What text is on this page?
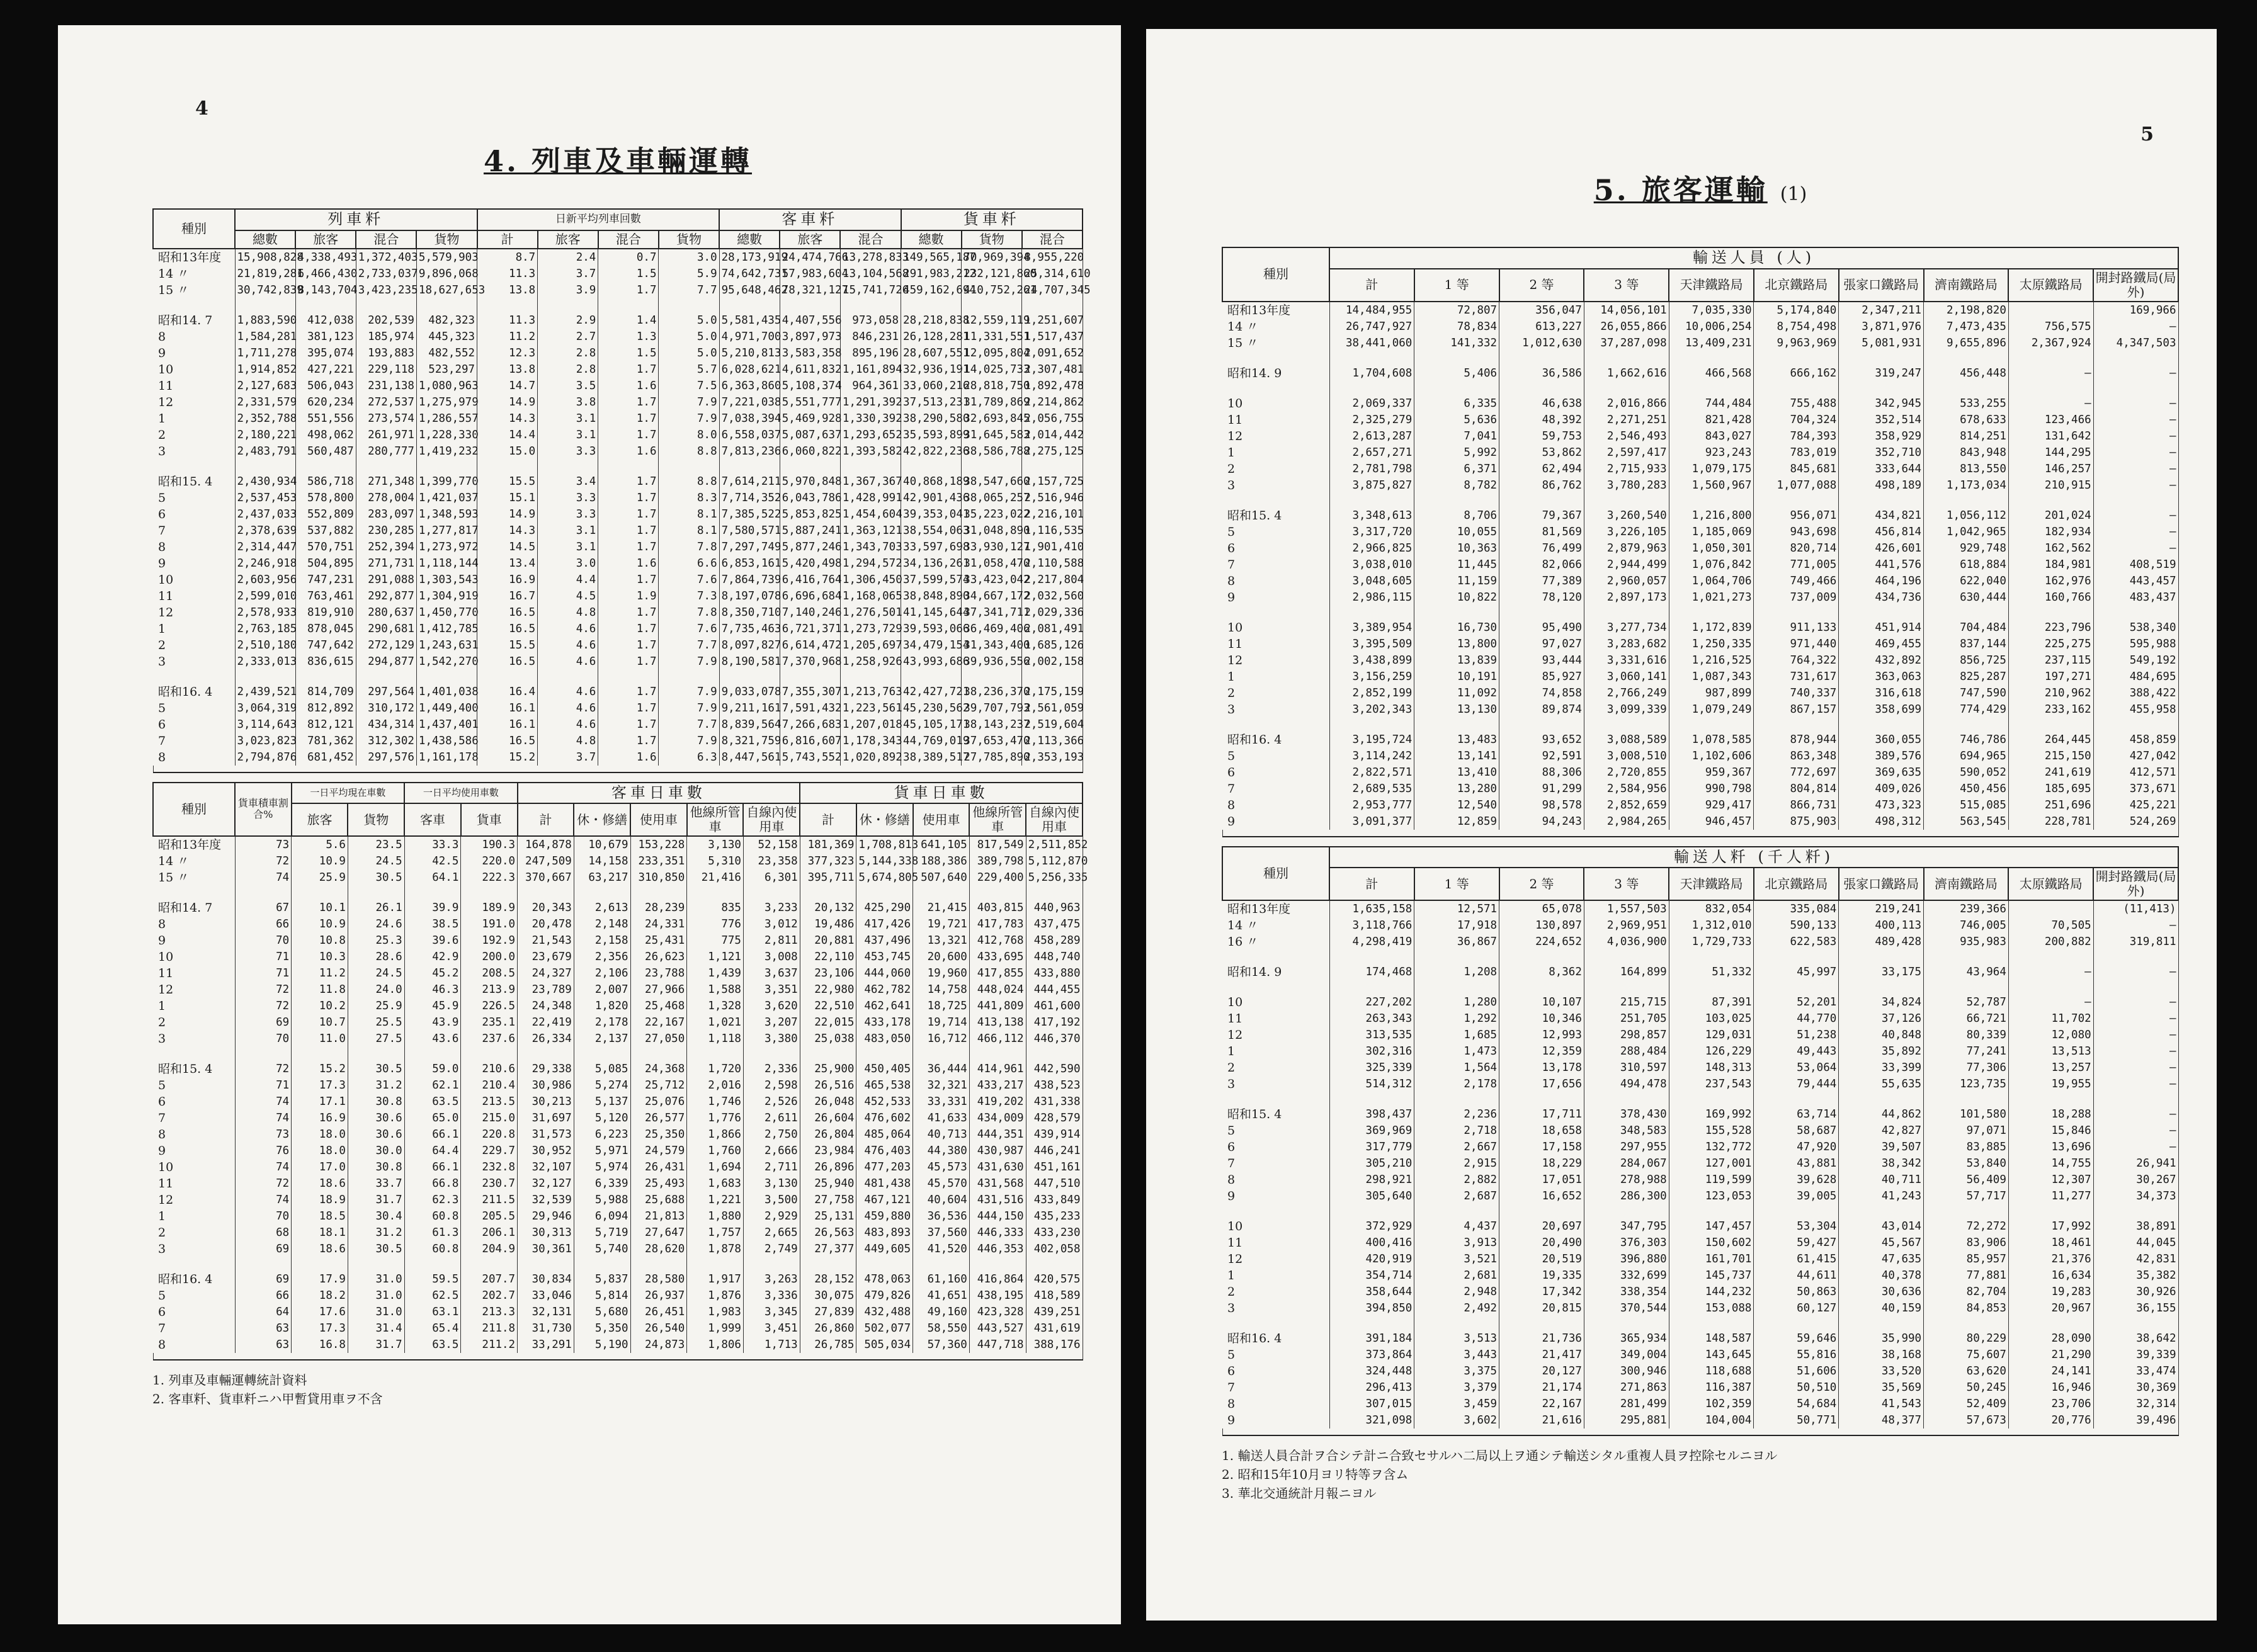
4
4. 列車及車輛運轉
種別	列車粁				日新平均列車回數				客車粁			貨車粁		
	總數	旅客	混合	貨物	計	旅客	混合	貨物	總數	旅客	混合	總數	貨物	混合
昭和13年度	15,908,828	4,338,493	1,372,403	5,579,903	8.7	2.4	0.7	3.0	28,173,919	24,474,766	13,278,833	149,565,187	70,969,394	8,955,220
14 〃	21,819,281	6,466,430	2,733,037	9,896,068	11.3	3.7	1.5	5.9	74,642,731	57,983,604	13,104,568	291,983,212	232,121,860	25,314,610
15 〃	30,742,839	8,143,704	3,423,235	18,627,653	13.8	3.9	1.7	7.7	95,648,462	78,321,127	15,741,726	459,162,694	410,752,261	24,707,345

昭和14. 7	1,883,590	412,038	202,539	482,323	11.3	2.9	1.4	5.0	5,581,435	4,407,556	973,058	28,218,838	12,559,119	1,251,607
8	1,584,281	381,123	185,974	445,323	11.2	2.7	1.3	5.0	4,971,700	3,897,973	846,231	26,128,281	11,331,551	1,517,437
9	1,711,278	395,074	193,883	482,552	12.3	2.8	1.5	5.0	5,210,813	3,583,358	895,196	28,607,551	12,095,804	2,091,652
10	1,914,852	427,221	229,118	523,297	13.8	2.8	1.7	5.7	6,028,621	4,611,832	1,161,894	32,936,191	14,025,733	2,307,481
11	2,127,683	506,043	231,138	1,080,963	14.7	3.5	1.6	7.5	6,363,860	5,108,374	964,361	33,060,216	28,818,750	1,892,478
12	2,331,579	620,234	272,537	1,275,979	14.9	3.8	1.7	7.9	7,221,038	5,551,777	1,291,392	37,513,231	31,789,869	2,214,862
1	2,352,788	551,556	273,574	1,286,557	14.3	3.1	1.7	7.9	7,038,394	5,469,928	1,330,392	38,290,580	32,693,845	2,056,755
2	2,180,221	498,062	261,971	1,228,330	14.4	3.1	1.7	8.0	6,558,037	5,087,637	1,293,652	35,593,899	31,645,583	2,014,442
3	2,483,791	560,487	280,777	1,419,232	15.0	3.3	1.6	8.8	7,813,236	6,060,822	1,393,582	42,822,236	38,586,788	2,275,125

昭和15. 4	2,430,934	586,718	271,348	1,399,770	15.5	3.4	1.7	8.8	7,614,211	5,970,848	1,367,367	40,868,189	38,547,660	2,157,725
5	2,537,453	578,800	278,004	1,421,037	15.1	3.3	1.7	8.3	7,714,352	6,043,786	1,428,991	42,901,436	38,065,257	2,516,946
6	2,437,033	552,809	283,097	1,348,593	14.9	3.3	1.7	8.1	7,385,522	5,853,825	1,454,604	39,353,041	35,223,022	2,216,101
7	2,378,639	537,882	230,285	1,277,817	14.3	3.1	1.7	8.1	7,580,571	5,887,241	1,363,121	38,554,063	31,048,890	1,116,535
8	2,314,447	570,751	252,394	1,273,972	14.5	3.1	1.7	7.8	7,297,749	5,877,246	1,343,703	33,597,698	33,930,127	1,901,410
9	2,246,918	504,895	271,731	1,118,144	13.4	3.0	1.6	6.6	6,853,161	5,420,498	1,294,572	34,136,261	31,058,470	2,110,588
10	2,603,956	747,231	291,088	1,303,543	16.9	4.4	1.7	7.6	7,864,739	6,416,764	1,306,450	37,599,574	33,423,042	2,217,804
11	2,599,010	763,461	292,877	1,304,919	16.7	4.5	1.9	7.3	8,197,078	6,696,684	1,168,065	38,848,890	34,667,172	2,032,560
12	2,578,933	819,910	280,637	1,450,770	16.5	4.8	1.7	7.8	8,350,710	7,140,246	1,276,501	41,145,644	37,341,711	2,029,336
1	2,763,185	878,045	290,681	1,412,785	16.5	4.6	1.7	7.6	7,735,463	6,721,371	1,273,729	39,593,066	36,469,406	2,081,491
2	2,510,180	747,642	272,129	1,243,631	15.5	4.6	1.7	7.7	8,097,827	6,614,472	1,205,697	34,479,154	31,343,400	1,685,126
3	2,333,013	836,615	294,877	1,542,270	16.5	4.6	1.7	7.9	8,190,581	7,370,968	1,258,926	43,993,686	39,936,556	2,002,158

昭和16. 4	2,439,521	814,709	297,564	1,401,038	16.4	4.6	1.7	7.9	9,033,078	7,355,307	1,213,763	42,427,721	38,236,370	2,175,159
5	3,064,319	812,892	310,172	1,449,400	16.1	4.6	1.7	7.9	9,211,161	7,591,432	1,223,561	45,230,562	39,707,793	2,561,059
6	3,114,643	812,121	434,314	1,437,401	16.1	4.6	1.7	7.7	8,839,564	7,266,683	1,207,018	45,105,171	38,143,237	2,519,604
7	3,023,823	781,362	312,302	1,438,586	16.5	4.8	1.7	7.9	8,321,759	6,816,607	1,178,343	44,769,019	37,653,470	2,113,366
8	2,794,876	681,452	297,576	1,161,178	15.2	3.7	1.6	6.3	8,447,561	5,743,552	1,020,892	38,389,517	27,785,890	2,353,193

種別	貨車積車割合%	一日平均現在車數		一日平均使用車數		客車日車數					貨車日車數				
		旅客	貨物	客車	貨車	計	休・修繕	使用車	他線所管車	自線內使用車	計	休・修繕	使用車	他線所管車	自線內使用車
昭和13年度	73	5.6	23.5	33.3	190.3	164,878	10,679	153,228	3,130	52,158	181,369	1,708,813	641,105	817,549	2,511,852
14 〃	72	10.9	24.5	42.5	220.0	247,509	14,158	233,351	5,310	23,358	377,323	5,144,338	188,386	389,798	5,112,870
15 〃	74	25.9	30.5	64.1	222.3	370,667	63,217	310,850	21,416	6,301	395,711	5,674,805	507,640	229,400	5,256,335

昭和14. 7	67	10.1	26.1	39.9	189.9	20,343	2,613	28,239	835	3,233	20,132	425,290	21,415	403,815	440,963
8	66	10.9	24.6	38.5	191.0	20,478	2,148	24,331	776	3,012	19,486	417,426	19,721	417,783	437,475
9	70	10.8	25.3	39.6	192.9	21,543	2,158	25,431	775	2,811	20,881	437,496	13,321	412,768	458,289
10	71	10.3	28.6	42.9	200.0	23,679	2,356	26,623	1,121	3,008	22,110	453,745	20,600	433,695	448,740
11	71	11.2	24.5	45.2	208.5	24,327	2,106	23,788	1,439	3,637	23,106	444,060	19,960	417,855	433,880
12	72	11.8	24.0	46.3	213.9	23,789	2,007	27,966	1,588	3,351	22,980	462,782	14,758	448,024	444,455
1	72	10.2	25.9	45.9	226.5	24,348	1,820	25,468	1,328	3,620	22,510	462,641	18,725	441,809	461,600
2	69	10.7	25.5	43.9	235.1	22,419	2,178	22,167	1,021	3,207	22,015	433,178	19,714	413,138	417,192
3	70	11.0	27.5	43.6	237.6	26,334	2,137	27,050	1,118	3,380	25,038	483,050	16,712	466,112	446,370

昭和15. 4	72	15.2	30.5	59.0	210.6	29,338	5,085	24,368	1,720	2,336	25,900	450,405	36,444	414,961	442,590
5	71	17.3	31.2	62.1	210.4	30,986	5,274	25,712	2,016	2,598	26,516	465,538	32,321	433,217	438,523
6	74	17.1	30.8	63.5	213.5	30,213	5,137	25,076	1,746	2,526	26,048	452,533	33,331	419,202	431,338
7	74	16.9	30.6	65.0	215.0	31,697	5,120	26,577	1,776	2,611	26,604	476,602	41,633	434,009	428,579
8	73	18.0	30.6	66.1	220.8	31,573	6,223	25,350	1,866	2,750	26,804	485,064	40,713	444,351	439,914
9	76	18.0	30.0	64.4	229.7	30,952	5,971	24,579	1,760	2,666	23,984	476,403	44,380	430,987	446,241
10	74	17.0	30.8	66.1	232.8	32,107	5,974	26,431	1,694	2,711	26,896	477,203	45,573	431,630	451,161
11	72	18.6	33.7	66.8	230.7	32,127	6,339	25,493	1,683	3,130	25,940	481,438	45,570	431,568	447,510
12	74	18.9	31.7	62.3	211.5	32,539	5,988	25,688	1,221	3,500	27,758	467,121	40,604	431,516	433,849
1	70	18.5	30.4	60.8	205.5	29,946	6,094	21,813	1,880	2,929	25,131	459,880	36,536	444,150	435,233
2	68	18.1	31.2	61.3	206.1	30,313	5,719	27,647	1,757	2,665	26,563	483,893	37,560	446,333	433,230
3	69	18.6	30.5	60.8	204.9	30,361	5,740	28,620	1,878	2,749	27,377	449,605	41,520	446,353	402,058

昭和16. 4	69	17.9	31.0	59.5	207.7	30,834	5,837	28,580	1,917	3,263	28,152	478,063	61,160	416,864	420,575
5	66	18.2	31.0	62.5	202.7	33,046	5,814	26,937	1,876	3,336	30,075	479,826	41,651	438,195	418,589
6	64	17.6	31.0	63.1	213.3	32,131	5,680	26,451	1,983	3,345	27,839	432,488	49,160	423,328	439,251
7	63	17.3	31.4	65.4	211.8	31,730	5,350	26,540	1,999	3,451	26,860	502,077	58,550	443,527	431,619
8	63	16.8	31.7	63.5	211.2	33,291	5,190	24,873	1,806	1,713	26,785	505,034	57,360	447,718	388,176

1. 列車及車輛運轉統計資料
2. 客車粁、貨車粁ニハ甲暫貸用車ヲ不含
5
5. 旅客運輸 (1)
種別	輸送人員 (人)									
	計	1 等	2 等	3 等	天津鐵路局	北京鐵路局	張家口鐵路局	濟南鐵路局	太原鐵路局	開封路鐵局(局外)
昭和13年度	14,484,955	72,807	356,047	14,056,101	7,035,330	5,174,840	2,347,211	2,198,820		169,966
14 〃	26,747,927	78,834	613,227	26,055,866	10,006,254	8,754,498	3,871,976	7,473,435	756,575	—
15 〃	38,441,060	141,332	1,012,630	37,287,098	13,409,231	9,963,969	5,081,931	9,655,896	2,367,924	4,347,503

昭和14. 9	1,704,608	5,406	36,586	1,662,616	466,568	666,162	319,247	456,448	—	—

10	2,069,337	6,335	46,638	2,016,866	744,484	755,488	342,945	533,255	—	—
11	2,325,279	5,636	48,392	2,271,251	821,428	704,324	352,514	678,633	123,466	—
12	2,613,287	7,041	59,753	2,546,493	843,027	784,393	358,929	814,251	131,642	—
1	2,657,271	5,992	53,862	2,597,417	923,243	783,019	352,710	843,948	144,295	—
2	2,781,798	6,371	62,494	2,715,933	1,079,175	845,681	333,644	813,550	146,257	—
3	3,875,827	8,782	86,762	3,780,283	1,560,967	1,077,088	498,189	1,173,034	210,915	—

昭和15. 4	3,348,613	8,706	79,367	3,260,540	1,216,800	956,071	434,821	1,056,112	201,024	—
5	3,317,720	10,055	81,569	3,226,105	1,185,069	943,698	456,814	1,042,965	182,934	—
6	2,966,825	10,363	76,499	2,879,963	1,050,301	820,714	426,601	929,748	162,562	—
7	3,038,010	11,445	82,066	2,944,499	1,076,842	771,005	441,576	618,884	184,981	408,519
8	3,048,605	11,159	77,389	2,960,057	1,064,706	749,466	464,196	622,040	162,976	443,457
9	2,986,115	10,822	78,120	2,897,173	1,021,273	737,009	434,736	630,444	160,766	483,437

10	3,389,954	16,730	95,490	3,277,734	1,172,839	911,133	451,914	704,484	223,796	538,340
11	3,395,509	13,800	97,027	3,283,682	1,250,335	971,440	469,455	837,144	225,275	595,988
12	3,438,899	13,839	93,444	3,331,616	1,216,525	764,322	432,892	856,725	237,115	549,192
1	3,156,259	10,191	85,927	3,060,141	1,087,343	731,617	363,063	825,287	197,271	484,695
2	2,852,199	11,092	74,858	2,766,249	987,899	740,337	316,618	747,590	210,962	388,422
3	3,202,343	13,130	89,874	3,099,339	1,079,249	867,157	358,699	774,429	233,162	455,958

昭和16. 4	3,195,724	13,483	93,652	3,088,589	1,078,585	878,944	360,055	746,786	264,445	458,859
5	3,114,242	13,141	92,591	3,008,510	1,102,606	863,348	389,576	694,965	215,150	427,042
6	2,822,571	13,410	88,306	2,720,855	959,367	772,697	369,635	590,052	241,619	412,571
7	2,689,535	13,280	91,299	2,584,956	990,798	804,814	409,026	450,456	185,695	373,671
8	2,953,777	12,540	98,578	2,852,659	929,417	866,731	473,323	515,085	251,696	425,221
9	3,091,377	12,859	94,243	2,984,265	946,457	875,903	498,312	563,545	228,781	524,269

種別	輸送人粁 (千人粁)									
	計	1 等	2 等	3 等	天津鐵路局	北京鐵路局	張家口鐵路局	濟南鐵路局	太原鐵路局	開封路鐵局(局外)
昭和13年度	1,635,158	12,571	65,078	1,557,503	832,054	335,084	219,241	239,366		(11,413)
14 〃	3,118,766	17,918	130,897	2,969,951	1,312,010	590,133	400,113	746,005	70,505	—
16 〃	4,298,419	36,867	224,652	4,036,900	1,729,733	622,583	489,428	935,983	200,882	319,811

昭和14. 9	174,468	1,208	8,362	164,899	51,332	45,997	33,175	43,964	—	—

10	227,202	1,280	10,107	215,715	87,391	52,201	34,824	52,787	—	—
11	263,343	1,292	10,346	251,705	103,025	44,770	37,126	66,721	11,702	—
12	313,535	1,685	12,993	298,857	129,031	51,238	40,848	80,339	12,080	—
1	302,316	1,473	12,359	288,484	126,229	49,443	35,892	77,241	13,513	—
2	325,339	1,564	13,178	310,597	148,313	53,064	33,399	77,306	13,257	—
3	514,312	2,178	17,656	494,478	237,543	79,444	55,635	123,735	19,955	—

昭和15. 4	398,437	2,236	17,711	378,430	169,992	63,714	44,862	101,580	18,288	—
5	369,969	2,718	18,658	348,583	155,528	58,687	42,827	97,071	15,846	—
6	317,779	2,667	17,158	297,955	132,772	47,920	39,507	83,885	13,696	—
7	305,210	2,915	18,229	284,067	127,001	43,881	38,342	53,840	14,755	26,941
8	298,921	2,882	17,051	278,988	119,599	39,628	40,711	56,409	12,307	30,267
9	305,640	2,687	16,652	286,300	123,053	39,005	41,243	57,717	11,277	34,373

10	372,929	4,437	20,697	347,795	147,457	53,304	43,014	72,272	17,992	38,891
11	400,416	3,913	20,490	376,303	150,602	59,427	45,567	83,906	18,461	44,045
12	420,919	3,521	20,519	396,880	161,701	61,415	47,635	85,957	21,376	42,831
1	354,714	2,681	19,335	332,699	145,737	44,611	40,378	77,881	16,634	35,382
2	358,644	2,948	17,342	338,354	144,232	50,863	30,636	82,704	19,283	30,926
3	394,850	2,492	20,815	370,544	153,088	60,127	40,159	84,853	20,967	36,155

昭和16. 4	391,184	3,513	21,736	365,934	148,587	59,646	35,990	80,229	28,090	38,642
5	373,864	3,443	21,417	349,004	143,645	55,816	38,168	75,607	21,290	39,339
6	324,448	3,375	20,127	300,946	118,688	51,606	33,520	63,620	24,141	33,474
7	296,413	3,379	21,174	271,863	116,387	50,510	35,569	50,245	16,946	30,369
8	307,015	3,459	22,167	281,499	102,359	54,684	41,543	52,409	23,706	32,314
9	321,098	3,602	21,616	295,881	104,004	50,771	48,377	57,673	20,776	39,496

1. 輸送人員合計ヲ合シテ計ニ合致セサルハ二局以上ヲ通シテ輸送シタル重複人員ヲ控除セルニヨル
2. 昭和15年10月ヨリ特等ヲ含ム
3. 華北交通統計月報ニヨル
